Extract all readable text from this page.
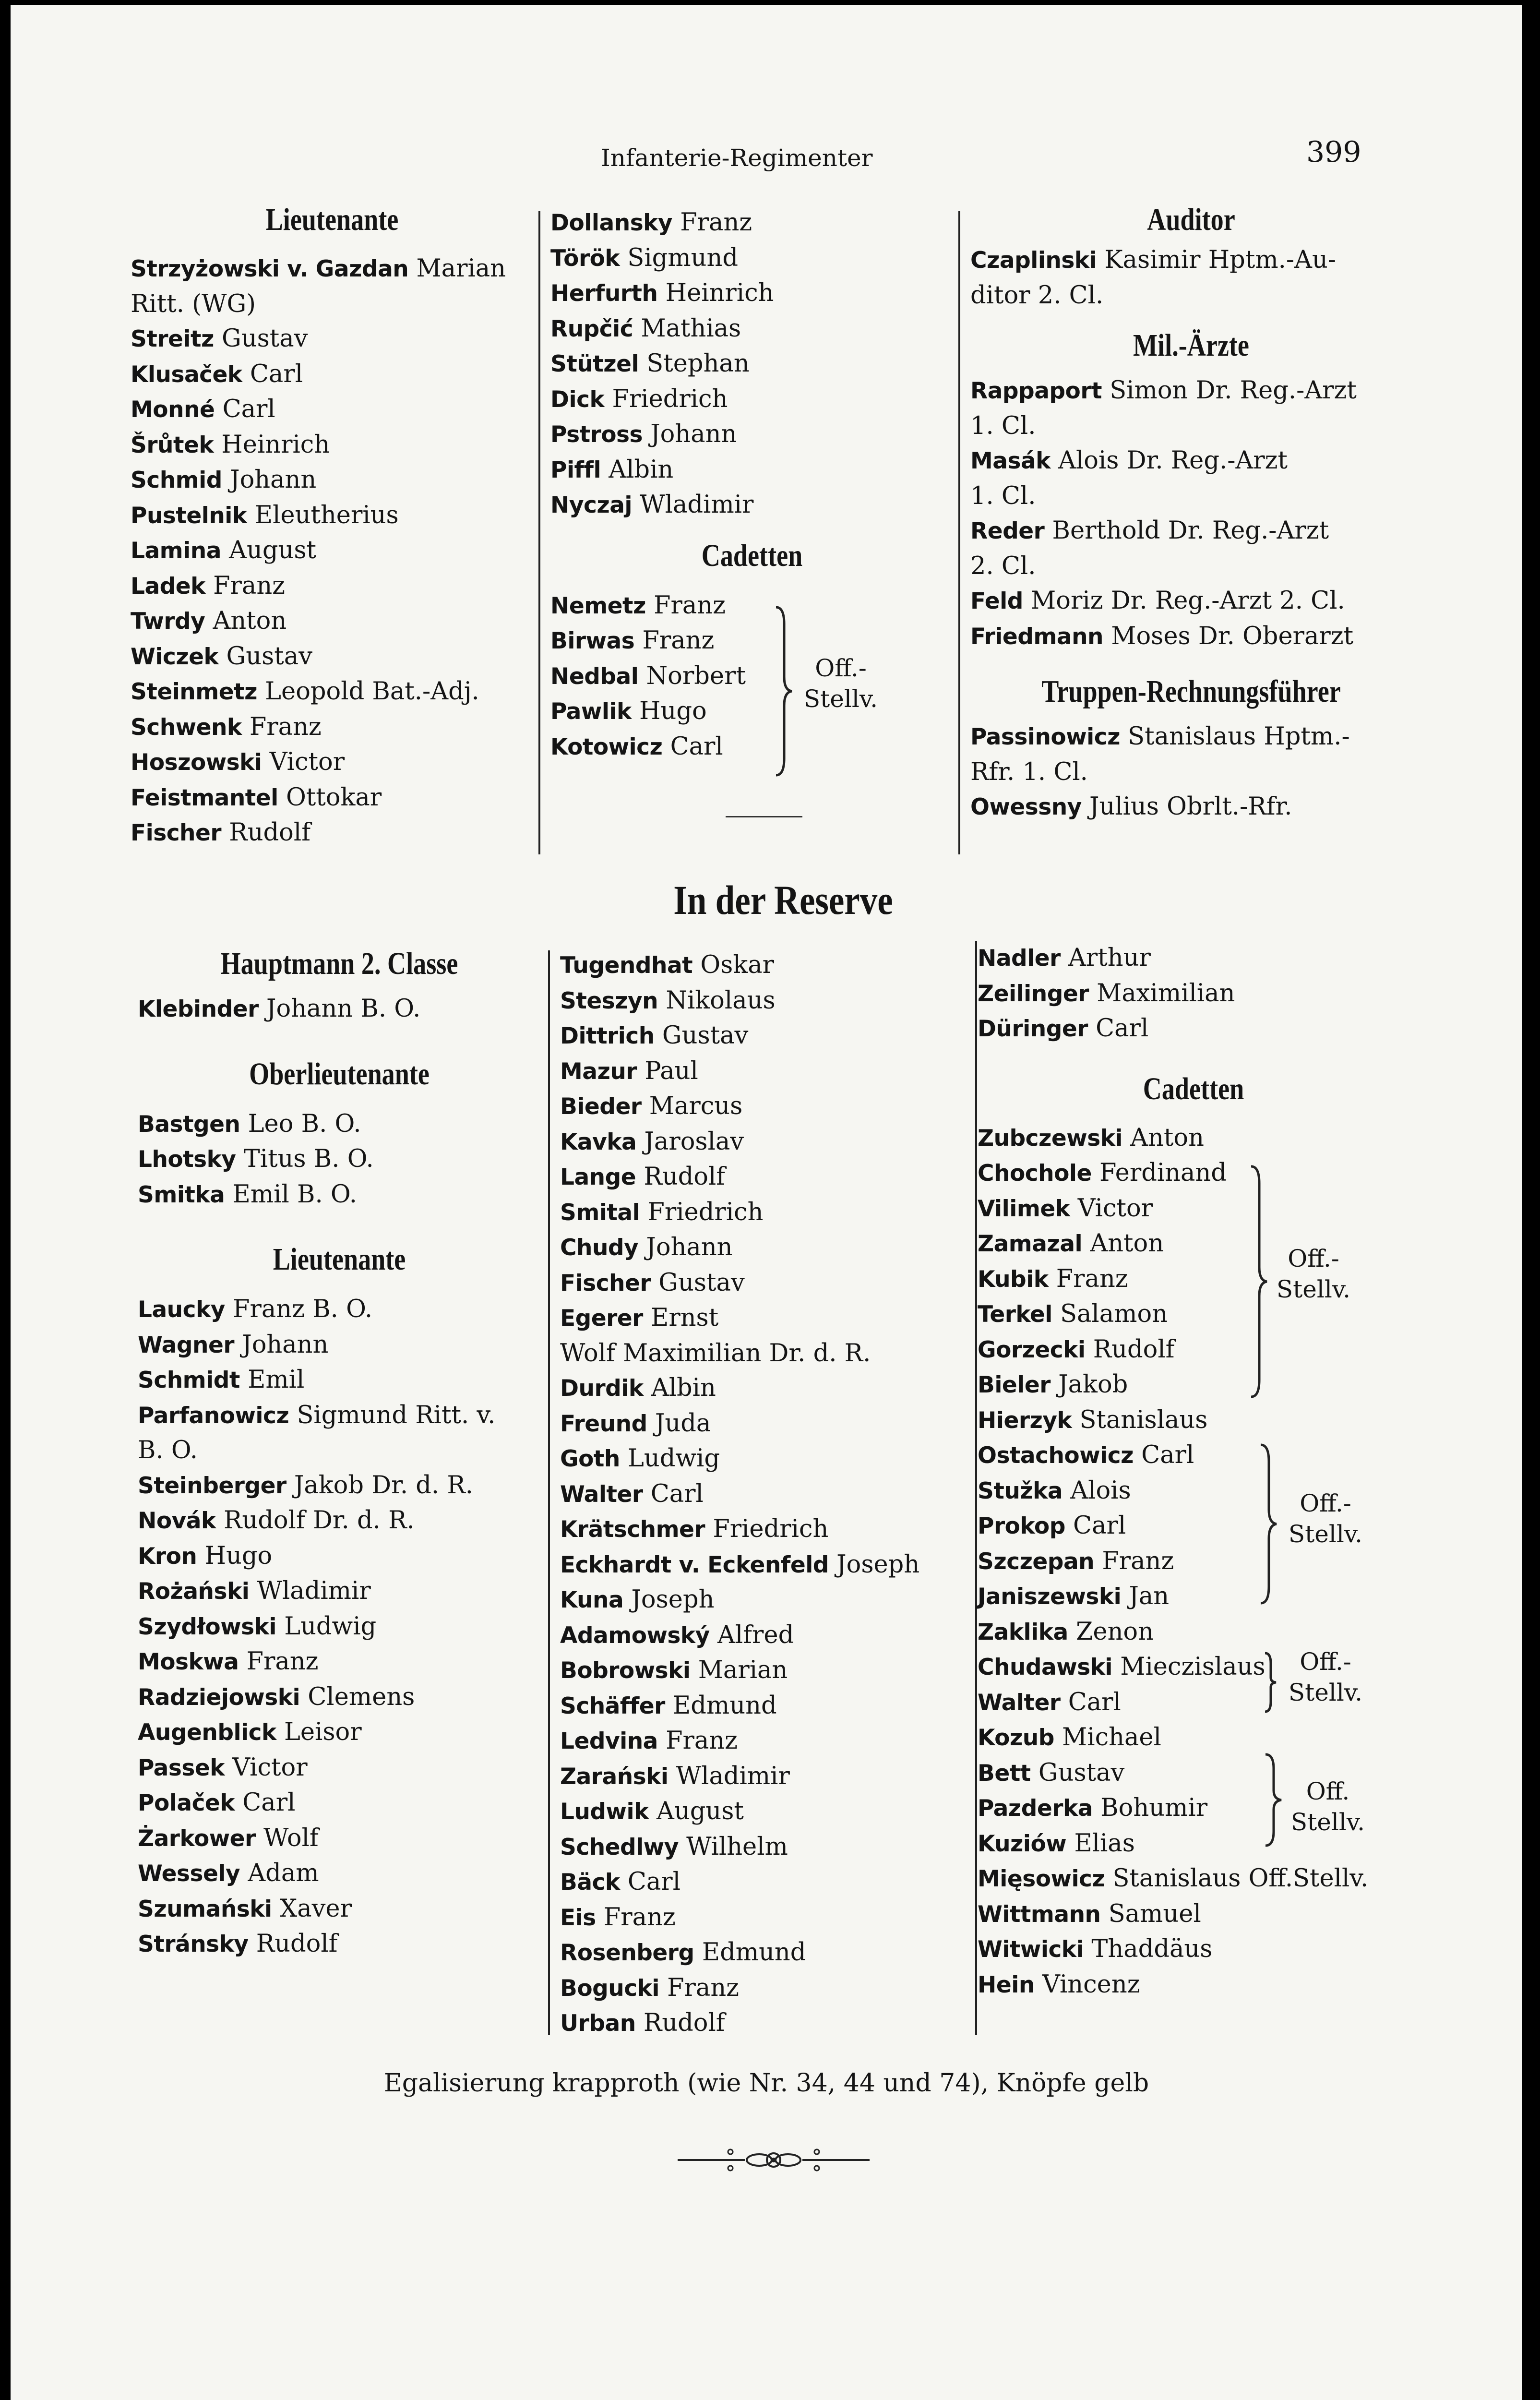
Infanterie-Regimenter	399
Lieutenante
Strzyżowski v. Gazdan Marian
Ritt. (WG)
Streitz Gustav
Klusaček Carl
Monné Carl
Šrůtek Heinrich
Schmid Johann
Pustelnik Eleutherius
Lamina August
Ladek Franz
Twrdy Anton
Wiczek Gustav
Steinmetz Leopold Bat.-Adj.
Schwenk Franz
Hoszowski Victor
Feistmantel Ottokar
Fischer Rudolf
Dollansky Franz
Török Sigmund
Herfurth Heinrich
Rupčić Mathias
Stützel Stephan
Dick Friedrich
Pstross Johann
Piffl Albin
Nyczaj Wladimir
Cadetten
Nemetz Franz
Birwas Franz
Nedbal Norbert
Pawlik Hugo
Kotowicz Carl
Off.-
Stellv.
Auditor
Czaplinski Kasimir Hptm.-Au-
ditor 2. Cl.
Mil.-Ärzte
Rappaport Simon Dr. Reg.-Arzt
1. Cl.
Masák Alois Dr. Reg.-Arzt
1. Cl.
Reder Berthold Dr. Reg.-Arzt
2. Cl.
Feld Moriz Dr. Reg.-Arzt 2. Cl.
Friedmann Moses Dr. Oberarzt
Truppen-Rechnungsführer
Passinowicz Stanislaus Hptm.-
Rfr. 1. Cl.
Owessny Julius Obrlt.-Rfr.
In der Reserve
Hauptmann 2. Classe
Klebinder Johann B. O.
Oberlieutenante
Bastgen Leo B. O.
Lhotsky Titus B. O.
Smitka Emil B. O.
Lieutenante
Laucky Franz B. O.
Wagner Johann
Schmidt Emil
Parfanowicz Sigmund Ritt. v.
B. O.
Steinberger Jakob Dr. d. R.
Novák Rudolf Dr. d. R.
Kron Hugo
Rożański Wladimir
Szydłowski Ludwig
Moskwa Franz
Radziejowski Clemens
Augenblick Leisor
Passek Victor
Polaček Carl
Żarkower Wolf
Wessely Adam
Szumański Xaver
Stránsky Rudolf
Tugendhat Oskar
Steszyn Nikolaus
Dittrich Gustav
Mazur Paul
Bieder Marcus
Kavka Jaroslav
Lange Rudolf
Smital Friedrich
Chudy Johann
Fischer Gustav
Egerer Ernst
Wolf Maximilian Dr. d. R.
Durdik Albin
Freund Juda
Goth Ludwig
Walter Carl
Krätschmer Friedrich
Eckhardt v. Eckenfeld Joseph
Kuna Joseph
Adamowský Alfred
Bobrowski Marian
Schäffer Edmund
Ledvina Franz
Zarański Wladimir
Ludwik August
Schedlwy Wilhelm
Bäck Carl
Eis Franz
Rosenberg Edmund
Bogucki Franz
Urban Rudolf
Nadler Arthur
Zeilinger Maximilian
Düringer Carl
Cadetten
Zubczewski Anton
Chochole Ferdinand
Vilimek Victor
Zamazal Anton
Kubik Franz
Terkel Salamon
Gorzecki Rudolf
Bieler Jakob
Hierzyk Stanislaus
Ostachowicz Carl
Stužka Alois
Prokop Carl
Szczepan Franz
Janiszewski Jan
Zaklika Zenon
Chudawski Mieczislaus
Walter Carl
Kozub Michael
Bett Gustav
Pazderka Bohumir
Kuziów Elias
Mięsowicz Stanislaus Off.Stellv.
Wittmann Samuel
Witwicki Thaddäus
Hein Vincenz
Off.-
Stellv.
Off.-
Stellv.
Off.-
Stellv.
Off.
Stellv.
Egalisierung krapproth (wie Nr. 34, 44 und 74), Knöpfe gelb
